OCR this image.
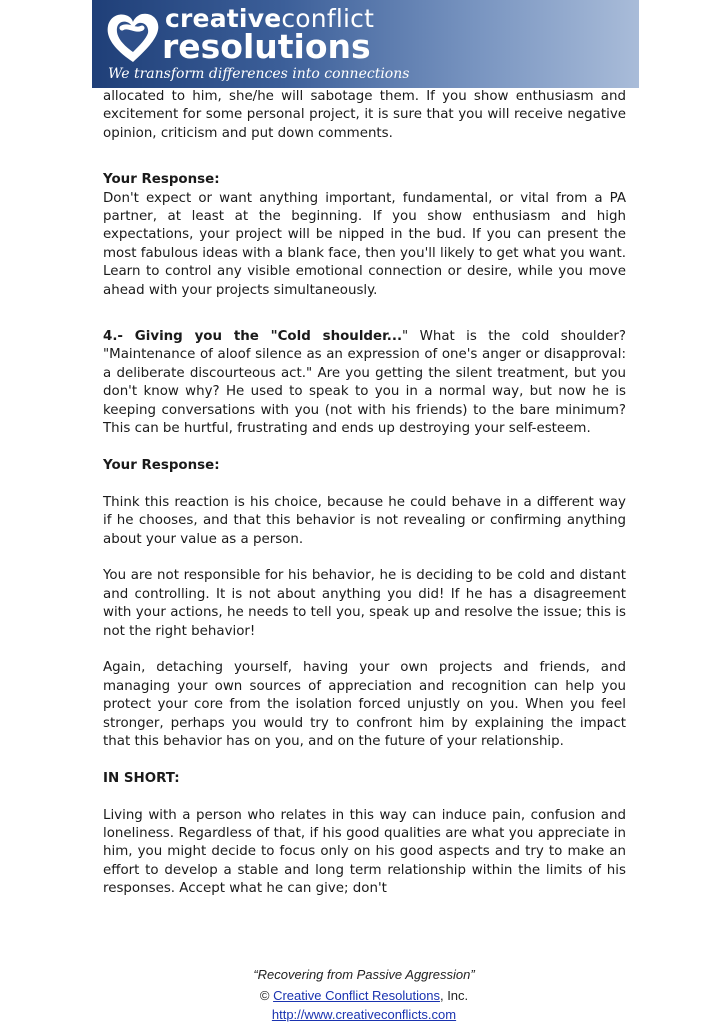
creativeconflict
resolutions
We transform differences into connections

allocated to him, she/he will sabotage them. If you show enthusiasm and excitement for some personal project, it is sure that you will receive negative opinion, criticism and put down comments.

Your Response:

Don't expect or want anything important, fundamental, or vital from a PA partner, at least at the beginning. If you show enthusiasm and high expectations, your project will be nipped in the bud. If you can present the most fabulous ideas with a blank face, then you'll likely to get what you want. Learn to control any visible emotional connection or desire, while you move ahead with your projects simultaneously.

4.- Giving you the "Cold shoulder..." What is the cold shoulder? "Maintenance of aloof silence as an expression of one's anger or disapproval: a deliberate discourteous act." Are you getting the silent treatment, but you don't know why? He used to speak to you in a normal way, but now he is keeping conversations with you (not with his friends) to the bare minimum? This can be hurtful, frustrating and ends up destroying your self-esteem.

Your Response:

Think this reaction is his choice, because he could behave in a different way if he chooses, and that this behavior is not revealing or confirming anything about your value as a person.

You are not responsible for his behavior, he is deciding to be cold and distant and controlling. It is not about anything you did! If he has a disagreement with your actions, he needs to tell you, speak up and resolve the issue; this is not the right behavior!

Again, detaching yourself, having your own projects and friends, and managing your own sources of appreciation and recognition can help you protect your core from the isolation forced unjustly on you. When you feel stronger, perhaps you would try to confront him by explaining the impact that this behavior has on you, and on the future of your relationship.

IN SHORT:

Living with a person who relates in this way can induce pain, confusion and loneliness. Regardless of that, if his good qualities are what you appreciate in him, you might decide to focus only on his good aspects and try to make an effort to develop a stable and long term relationship within the limits of his responses. Accept what he can give; don't

“Recovering from Passive Aggression”
© Creative Conflict Resolutions, Inc.
http://www.creativeconflicts.com
